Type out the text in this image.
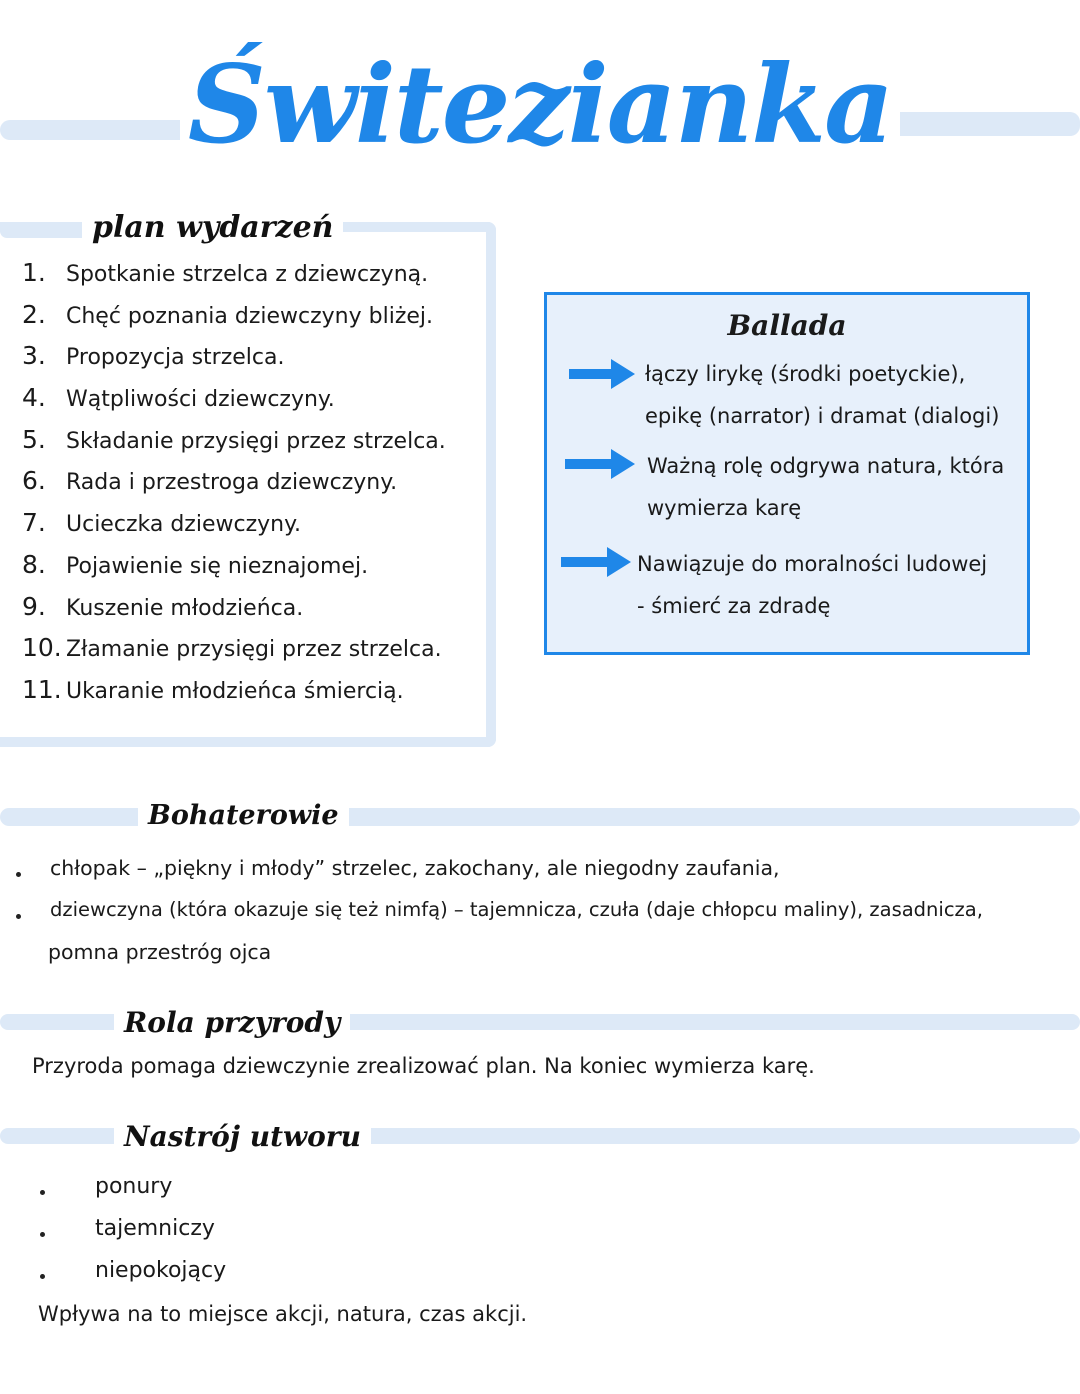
Świtezianka
plan wydarzeń
1. Spotkanie strzelca z dziewczyną.
2. Chęć poznania dziewczyny bliżej.
3. Propozycja strzelca.
4. Wątpliwości dziewczyny.
5. Składanie przysięgi przez strzelca.
6. Rada i przestroga dziewczyny.
7. Ucieczka dziewczyny.
8. Pojawienie się nieznajomej.
9. Kuszenie młodzieńca.
10. Złamanie przysięgi przez strzelca.
11. Ukaranie młodzieńca śmiercią.
Ballada
łączy lirykę (środki poetyckie),
epikę (narrator) i dramat (dialogi)
Ważną rolę odgrywa natura, która
wymierza karę
Nawiązuje do moralności ludowej
- śmierć za zdradę
Bohaterowie
chłopak – „piękny i młody” strzelec, zakochany, ale niegodny zaufania,
dziewczyna (która okazuje się też nimfą) – tajemnicza, czuła (daje chłopcu maliny), zasadnicza,
pomna przestróg ojca
Rola przyrody
Przyroda pomaga dziewczynie zrealizować plan. Na koniec wymierza karę.
Nastrój utworu
ponury
tajemniczy
niepokojący
Wpływa na to miejsce akcji, natura, czas akcji.
